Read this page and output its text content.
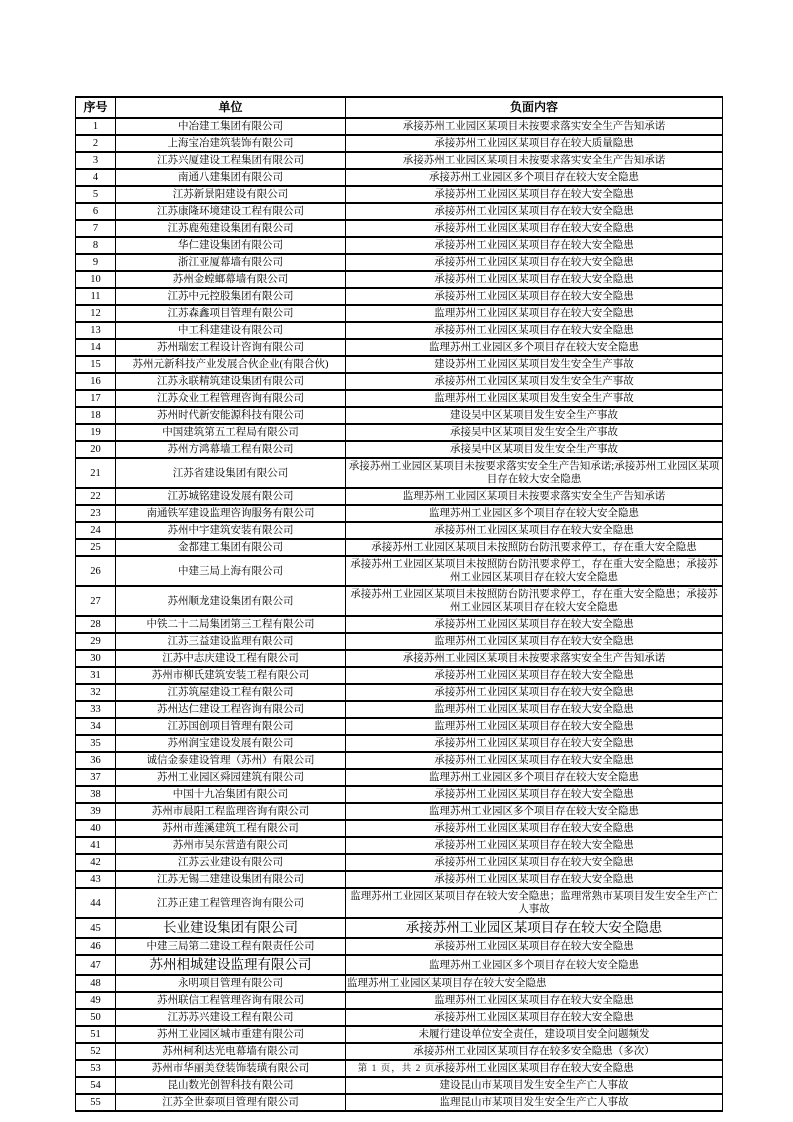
序号	单位	负面内容
1	中冶建工集团有限公司	承接苏州工业园区某项目未按要求落实安全生产告知承诺
2	上海宝冶建筑装饰有限公司	承接苏州工业园区某项目存在较大质量隐患
3	江苏兴厦建设工程集团有限公司	承接苏州工业园区某项目未按要求落实安全生产告知承诺
4	南通八建集团有限公司	承接苏州工业园区多个项目存在较大安全隐患
5	江苏新景阳建设有限公司	承接苏州工业园区某项目存在较大安全隐患
6	江苏康隆环境建设工程有限公司	承接苏州工业园区某项目存在较大安全隐患
7	江苏鹿苑建设集团有限公司	承接苏州工业园区某项目存在较大安全隐患
8	华仁建设集团有限公司	承接苏州工业园区某项目存在较大安全隐患
9	浙江亚厦幕墙有限公司	承接苏州工业园区某项目存在较大安全隐患
10	苏州金螳螂幕墙有限公司	承接苏州工业园区某项目存在较大安全隐患
11	江苏中元控股集团有限公司	承接苏州工业园区某项目存在较大安全隐患
12	江苏森鑫项目管理有限公司	监理苏州工业园区某项目存在较大安全隐患
13	中工科建建设有限公司	承接苏州工业园区某项目存在较大安全隐患
14	苏州瑞宏工程设计咨询有限公司	监理苏州工业园区多个项目存在较大安全隐患
15	苏州元新科技产业发展合伙企业(有限合伙)	建设苏州工业园区某项目发生安全生产事故
16	江苏永联精筑建设集团有限公司	承接苏州工业园区某项目发生安全生产事故
17	江苏众业工程管理咨询有限公司	监理苏州工业园区某项目发生安全生产事故
18	苏州时代新安能源科技有限公司	建设吴中区某项目发生安全生产事故
19	中国建筑第五工程局有限公司	承接吴中区某项目发生安全生产事故
20	苏州方鸿幕墙工程有限公司	承接吴中区某项目发生安全生产事故
21	江苏省建设集团有限公司	承接苏州工业园区某项目未按要求落实安全生产告知承诺;承接苏州工业园区某项目存在较大安全隐患
22	江苏城铭建设发展有限公司	监理苏州工业园区某项目未按要求落实安全生产告知承诺
23	南通铁军建设监理咨询服务有限公司	监理苏州工业园区多个项目存在较大安全隐患
24	苏州中宇建筑安装有限公司	承接苏州工业园区某项目存在较大安全隐患
25	金都建工集团有限公司	承接苏州工业园区某项目未按照防台防汛要求停工，存在重大安全隐患
26	中建三局上海有限公司	承接苏州工业园区某项目未按照防台防汛要求停工，存在重大安全隐患；承接苏州工业园区某项目存在较大安全隐患
27	苏州顺龙建设集团有限公司	承接苏州工业园区某项目未按照防台防汛要求停工，存在重大安全隐患；承接苏州工业园区某项目存在较大安全隐患
28	中铁二十二局集团第三工程有限公司	承接苏州工业园区某项目存在较大安全隐患
29	江苏三益建设监理有限公司	监理苏州工业园区某项目存在较大安全隐患
30	江苏中志庆建设工程有限公司	承接苏州工业园区某项目未按要求落实安全生产告知承诺
31	苏州市柳氏建筑安装工程有限公司	承接苏州工业园区某项目存在较大安全隐患
32	江苏筑屋建设工程有限公司	承接苏州工业园区某项目存在较大安全隐患
33	苏州达仁建设工程咨询有限公司	监理苏州工业园区某项目存在较大安全隐患
34	江苏国创项目管理有限公司	监理苏州工业园区某项目存在较大安全隐患
35	苏州润宝建设发展有限公司	承接苏州工业园区某项目存在较大安全隐患
36	诚信金泰建设管理（苏州）有限公司	承接苏州工业园区某项目存在较大安全隐患
37	苏州工业园区舜园建筑有限公司	监理苏州工业园区多个项目存在较大安全隐患
38	中国十九冶集团有限公司	承接苏州工业园区某项目存在较大安全隐患
39	苏州市晨阳工程监理咨询有限公司	监理苏州工业园区多个项目存在较大安全隐患
40	苏州市莲溪建筑工程有限公司	承接苏州工业园区某项目存在较大安全隐患
41	苏州市吴东营造有限公司	承接苏州工业园区某项目存在较大安全隐患
42	江苏云业建设有限公司	承接苏州工业园区某项目存在较大安全隐患
43	江苏无锡二建建设集团有限公司	承接苏州工业园区某项目存在较大安全隐患
44	江苏正建工程管理咨询有限公司	监理苏州工业园区某项目存在较大安全隐患；监理常熟市某项目发生安全生产亡人事故
45	长业建设集团有限公司	承接苏州工业园区某项目存在较大安全隐患
46	中建三局第二建设工程有限责任公司	承接苏州工业园区某项目存在较大安全隐患
47	苏州相城建设监理有限公司	监理苏州工业园区多个项目存在较大安全隐患
48	永明项目管理有限公司	监理苏州工业园区某项目存在较大安全隐患
49	苏州联信工程管理咨询有限公司	监理苏州工业园区某项目存在较大安全隐患
50	江苏苏兴建设工程有限公司	承接苏州工业园区某项目存在较大安全隐患
51	苏州工业园区城市重建有限公司	未履行建设单位安全责任，建设项目安全问题频发
52	苏州柯利达光电幕墙有限公司	承接苏州工业园区某项目存在较多安全隐患（多次）
53	苏州市华丽美登装饰装璜有限公司	承接苏州工业园区某项目存在较大安全隐患
54	昆山数光创智科技有限公司	建设昆山市某项目发生安全生产亡人事故
55	江苏全世泰项目管理有限公司	监理昆山市某项目发生安全生产亡人事故
第 1 页，共 2 页
